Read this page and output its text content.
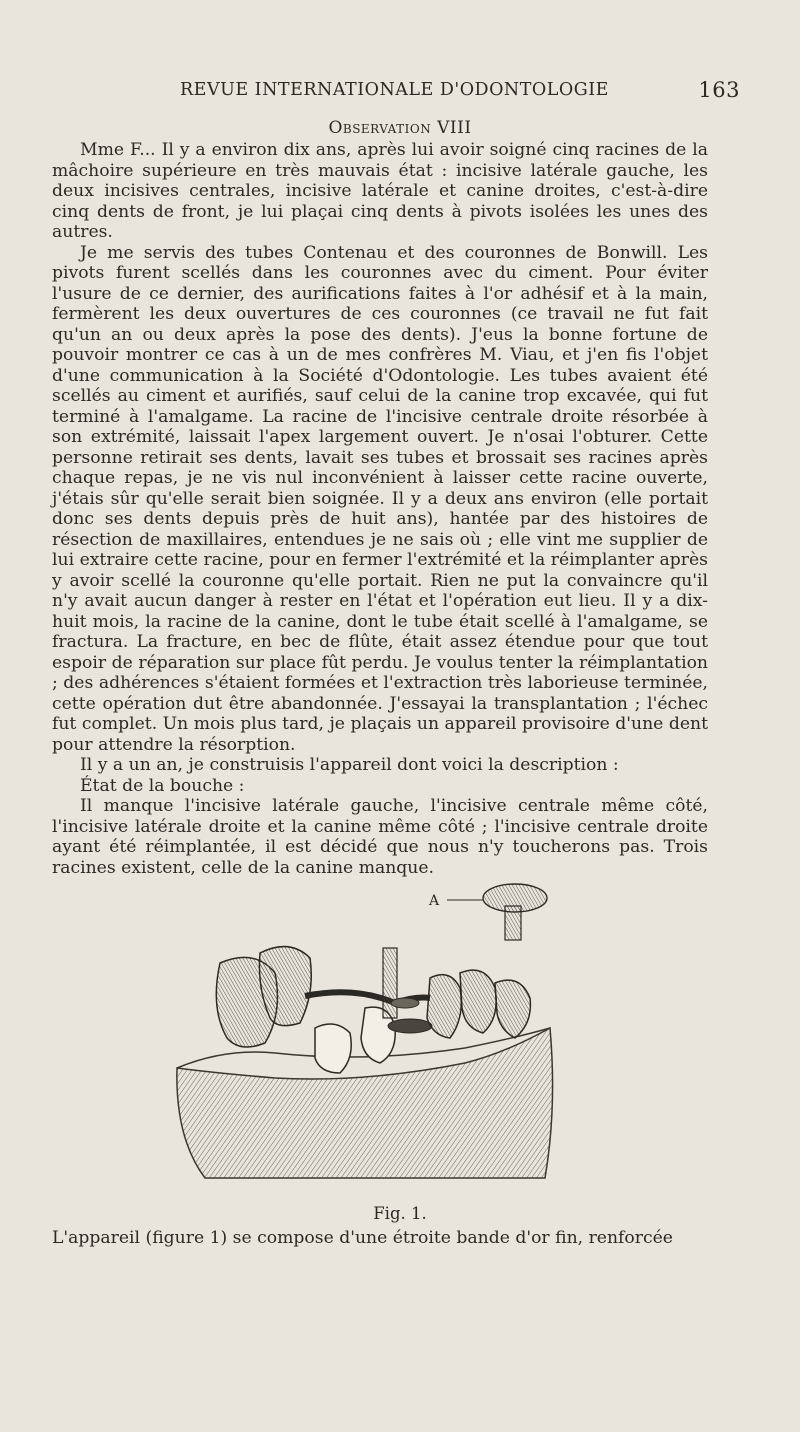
REVUE INTERNATIONALE D'ODONTOLOGIE	163
Observation VIII

Mme F... Il y a environ dix ans, après lui avoir soigné cinq racines de la mâchoire supérieure en très mauvais état : incisive latérale gauche, les deux incisives centrales, incisive latérale et canine droites, c'est-à-dire cinq dents de front, je lui plaçai cinq dents à pivots isolées les unes des autres.

Je me servis des tubes Contenau et des couronnes de Bonwill. Les pivots furent scellés dans les couronnes avec du ciment. Pour éviter l'usure de ce dernier, des aurifications faites à l'or adhésif et à la main, fermèrent les deux ouvertures de ces couronnes (ce travail ne fut fait qu'un an ou deux après la pose des dents). J'eus la bonne fortune de pouvoir montrer ce cas à un de mes confrères M. Viau, et j'en fis l'objet d'une communication à la Société d'Odontologie. Les tubes avaient été scellés au ciment et aurifiés, sauf celui de la canine trop excavée, qui fut terminé à l'amalgame. La racine de l'incisive centrale droite résorbée à son extrémité, laissait l'apex largement ouvert. Je n'osai l'obturer. Cette personne retirait ses dents, lavait ses tubes et brossait ses racines après chaque repas, je ne vis nul inconvénient à laisser cette racine ouverte, j'étais sûr qu'elle serait bien soignée. Il y a deux ans environ (elle portait donc ses dents depuis près de huit ans), hantée par des histoires de résection de maxillaires, entendues je ne sais où ; elle vint me supplier de lui extraire cette racine, pour en fermer l'extrémité et la réimplanter après y avoir scellé la couronne qu'elle portait. Rien ne put la convaincre qu'il n'y avait aucun danger à rester en l'état et l'opération eut lieu. Il y a dix-huit mois, la racine de la canine, dont le tube était scellé à l'amalgame, se fractura. La fracture, en bec de flûte, était assez étendue pour que tout espoir de réparation sur place fût perdu. Je voulus tenter la réimplantation ; des adhérences s'étaient formées et l'extraction très laborieuse terminée, cette opération dut être abandonnée. J'essayai la transplantation ; l'échec fut complet. Un mois plus tard, je plaçais un appareil provisoire d'une dent pour attendre la résorption.

Il y a un an, je construisis l'appareil dont voici la description :

État de la bouche :

Il manque l'incisive latérale gauche, l'incisive centrale même côté, l'incisive latérale droite et la canine même côté ; l'incisive centrale droite ayant été réimplantée, il est décidé que nous n'y toucherons pas. Trois racines existent, celle de la canine manque.

A
Fig. 1.
L'appareil (figure 1) se compose d'une étroite bande d'or fin, renforcée
